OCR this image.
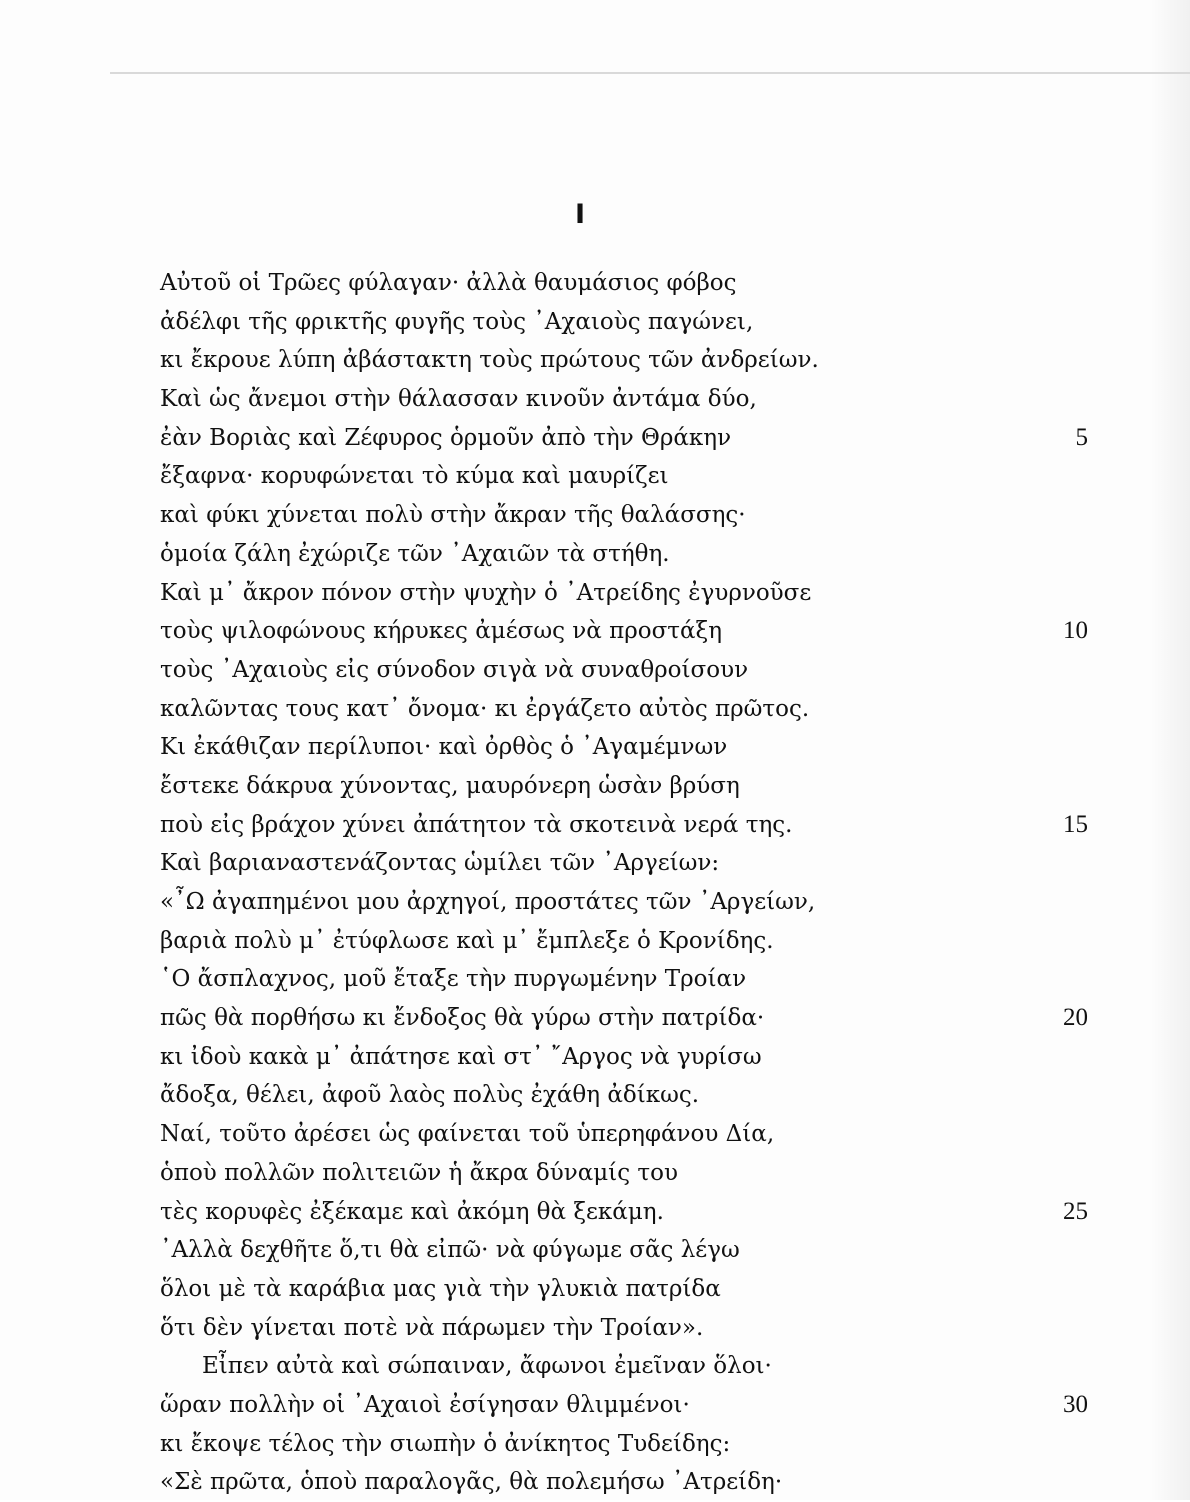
I
Αὐτοῦ οἱ Τρῶες φύλαγαν· ἀλλὰ θαυμάσιος φόβος
ἀδέλφι τῆς φρικτῆς φυγῆς τοὺς ᾿Αχαιοὺς παγώνει,
κι ἔκρουε λύπη ἀβάστακτη τοὺς πρώτους τῶν ἀνδρείων.
Καὶ ὡς ἄνεμοι στὴν θάλασσαν κινοῦν ἀντάμα δύο,
ἐὰν Βοριὰς καὶ Ζέφυρος ὁρμοῦν ἀπὸ τὴν Θράκην	5
ἔξαφνα· κορυφώνεται τὸ κύμα καὶ μαυρίζει
καὶ φύκι χύνεται πολὺ στὴν ἄκραν τῆς θαλάσσης·
ὁμοία ζάλη ἐχώριζε τῶν ᾿Αχαιῶν τὰ στήθη.
Καὶ μ᾿ ἄκρον πόνον στὴν ψυχὴν ὁ ᾿Ατρείδης ἐγυρνοῦσε
τοὺς ψιλοφώνους κήρυκες ἀμέσως νὰ προστάξη	10
τοὺς ᾿Αχαιοὺς εἰς σύνοδον σιγὰ νὰ συναθροίσουν
καλῶντας τους κατ᾿ ὄνομα· κι ἐργάζετο αὐτὸς πρῶτος.
Κι ἐκάθιζαν περίλυποι· καὶ ὀρθὸς ὁ ᾿Αγαμέμνων
ἔστεκε δάκρυα χύνοντας, μαυρόνερη ὡσὰν βρύση
ποὺ εἰς βράχον χύνει ἀπάτητον τὰ σκοτεινὰ νερά της.	15
Καὶ βαριαναστενάζοντας ὡμίλει τῶν ᾿Αργείων:
«῏Ω ἀγαπημένοι μου ἀρχηγοί, προστάτες τῶν ᾿Αργείων,
βαριὰ πολὺ μ᾿ ἐτύφλωσε καὶ μ᾿ ἔμπλεξε ὁ Κρονίδης.
῾Ο ἄσπλαχνος, μοῦ ἔταξε τὴν πυργωμένην Τροίαν
πῶς θὰ πορθήσω κι ἔνδοξος θὰ γύρω στὴν πατρίδα·	20
κι ἰδοὺ κακὰ μ᾿ ἀπάτησε καὶ στ᾿ ῎Αργος νὰ γυρίσω
ἄδοξα, θέλει, ἀφοῦ λαὸς πολὺς ἐχάθη ἀδίκως.
Ναί, τοῦτο ἀρέσει ὡς φαίνεται τοῦ ὑπερηφάνου Δία,
ὁποὺ πολλῶν πολιτειῶν ἡ ἄκρα δύναμίς του
τὲς κορυφὲς ἐξέκαμε καὶ ἀκόμη θὰ ξεκάμη.	25
᾿Αλλὰ δεχθῆτε ὅ,τι θὰ εἰπῶ· νὰ φύγωμε σᾶς λέγω
ὅλοι μὲ τὰ καράβια μας γιὰ τὴν γλυκιὰ πατρίδα
ὅτι δὲν γίνεται ποτὲ νὰ πάρωμεν τὴν Τροίαν».
Εἶπεν αὐτὰ καὶ σώπαιναν, ἄφωνοι ἐμεῖναν ὅλοι·
ὥραν πολλὴν οἱ ᾿Αχαιοὶ ἐσίγησαν θλιμμένοι·	30
κι ἔκοψε τέλος τὴν σιωπὴν ὁ ἀνίκητος Τυδείδης:
«Σὲ πρῶτα, ὁποὺ παραλογᾶς, θὰ πολεμήσω ᾿Ατρείδη·
